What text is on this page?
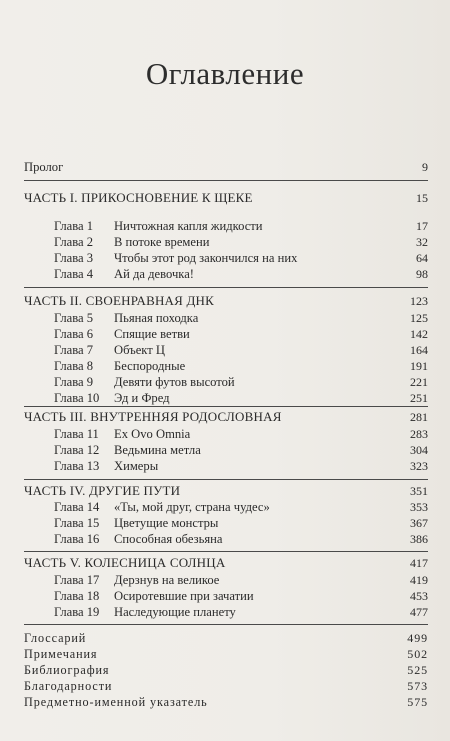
Оглавление
Пролог	9
ЧАСТЬ I. ПРИКОСНОВЕНИЕ К ЩЕКЕ	15
Глава 1 Ничтожная капля жидкости	17
Глава 2 В потоке времени	32
Глава 3 Чтобы этот род закончился на них	64
Глава 4 Ай да девочка!	98
ЧАСТЬ II. СВОЕНРАВНАЯ ДНК	123
Глава 5 Пьяная походка	125
Глава 6 Спящие ветви	142
Глава 7 Объект Ц	164
Глава 8 Беспородные	191
Глава 9 Девяти футов высотой	221
Глава 10 Эд и Фред	251
ЧАСТЬ III. ВНУТРЕННЯЯ РОДОСЛОВНАЯ	281
Глава 11 Ex Ovo Omnia	283
Глава 12 Ведьмина метла	304
Глава 13 Химеры	323
ЧАСТЬ IV. ДРУГИЕ ПУТИ	351
Глава 14 «Ты, мой друг, страна чудес»	353
Глава 15 Цветущие монстры	367
Глава 16 Способная обезьяна	386
ЧАСТЬ V. КОЛЕСНИЦА СОЛНЦА	417
Глава 17 Дерзнув на великое	419
Глава 18 Осиротевшие при зачатии	453
Глава 19 Наследующие планету	477
Глоссарий	499
Примечания	502
Библиография	525
Благодарности	573
Предметно-именной указатель	575
